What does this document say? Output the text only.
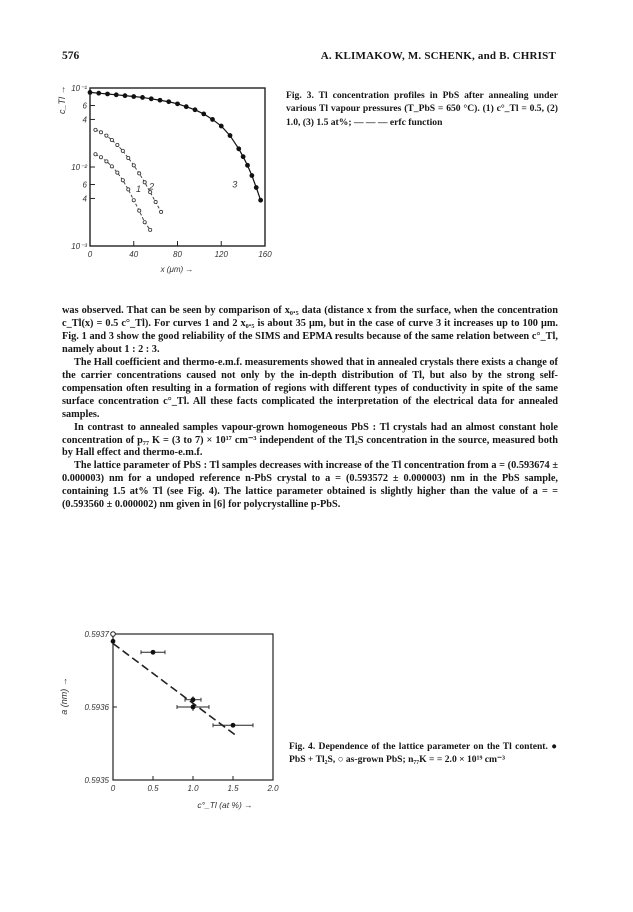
576	A. KLIMAKOW, M. SCHENK, and B. CHRIST
10⁻¹
6
4
10⁻²
6
4
10⁻³
0	40	80	120	160
c_Tl →
x (μm) →
1 2	3
Fig. 3. Tl concentration profiles in PbS after annealing under various Tl vapour pressures (T_PbS = 650 °C). (1) c°_Tl = 0.5, (2) 1.0, (3) 1.5 at%; — — — erfc function

was observed. That can be seen by comparison of x₀.₅ data (distance x from the surface, when the concentration c_Tl(x) = 0.5 c°_Tl). For curves 1 and 2 x₀.₅ is about 35 μm, but in the case of curve 3 it increases up to 100 μm. Fig. 1 and 3 show the good reliability of the SIMS and EPMA results because of the same relation between c°_Tl, namely about 1 : 2 : 3.

The Hall coefficient and thermo-e.m.f. measurements showed that in annealed crystals there exists a change of the carrier concentrations caused not only by the in-depth distribution of Tl, but also by the strong self-compensation often resulting in a formation of regions with different types of conductivity in spite of the same surface concentration c°_Tl. All these facts complicated the interpretation of the electrical data for annealed samples.

In contrast to annealed samples vapour-grown homogeneous PbS : Tl crystals had an almost constant hole concentration of p₇₇ K = (3 to 7) × 10¹⁷ cm⁻³ independent of the Tl₂S concentration in the source, measured both by Hall effect and thermo-e.m.f.

The lattice parameter of PbS : Tl samples decreases with increase of the Tl concentration from a = (0.593674 ± 0.000003) nm for a undoped reference n-PbS crystal to a = (0.593572 ± 0.000003) nm in the PbS sample, containing 1.5 at% Tl (see Fig. 4). The lattice parameter obtained is slightly higher than the value of a = = (0.593560 ± 0.000002) nm given in [6] for polycrystalline p-PbS.

0.5937
0.5936
0.5935
0	0.5	1.0	1.5	2.0
a (nm) →
c°_Tl (at %) →
Fig. 4. Dependence of the lattice parameter on the Tl content. ● PbS + Tl₂S, ○ as-grown PbS; n₇₇K = = 2.0 × 10¹⁹ cm⁻³
